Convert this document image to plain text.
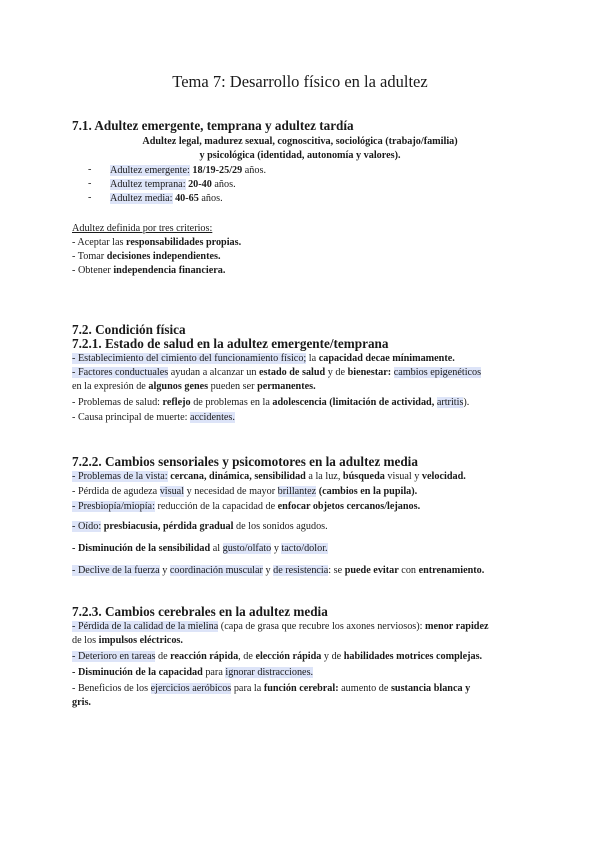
Tema 7: Desarrollo físico en la adultez
7.1. Adultez emergente, temprana y adultez tardía
Adultez legal, madurez sexual, cognoscitiva, sociológica (trabajo/familia)
y psicológica (identidad, autonomía y valores).
- Adultez emergente: 18/19-25/29 años.
- Adultez temprana: 20-40 años.
- Adultez media: 40-65 años.
Adultez definida por tres criterios:
- Aceptar las responsabilidades propias.
- Tomar decisiones independientes.
- Obtener independencia financiera.
7.2. Condición física
7.2.1. Estado de salud en la adultez emergente/temprana
- Establecimiento del cimiento del funcionamiento físico; la capacidad decae mínimamente.
- Factores conductuales ayudan a alcanzar un estado de salud y de bienestar: cambios epigenéticos
en la expresión de algunos genes pueden ser permanentes.
- Problemas de salud: reflejo de problemas en la adolescencia (limitación de actividad, artritis).
- Causa principal de muerte: accidentes.
7.2.2. Cambios sensoriales y psicomotores en la adultez media
- Problemas de la vista: cercana, dinámica, sensibilidad a la luz, búsqueda visual y velocidad.
- Pérdida de agudeza visual y necesidad de mayor brillantez (cambios en la pupila).
- Presbiopía/miopía: reducción de la capacidad de enfocar objetos cercanos/lejanos.
- Oído: presbiacusia, pérdida gradual de los sonidos agudos.
- Disminución de la sensibilidad al gusto/olfato y tacto/dolor.
- Declive de la fuerza y coordinación muscular y de resistencia: se puede evitar con entrenamiento.
7.2.3. Cambios cerebrales en la adultez media
- Pérdida de la calidad de la mielina (capa de grasa que recubre los axones nerviosos): menor rapidez
de los impulsos eléctricos.
- Deterioro en tareas de reacción rápida, de elección rápida y de habilidades motrices complejas.
- Disminución de la capacidad para ignorar distracciones.
- Beneficios de los ejercicios aeróbicos para la función cerebral: aumento de sustancia blanca y
gris.
